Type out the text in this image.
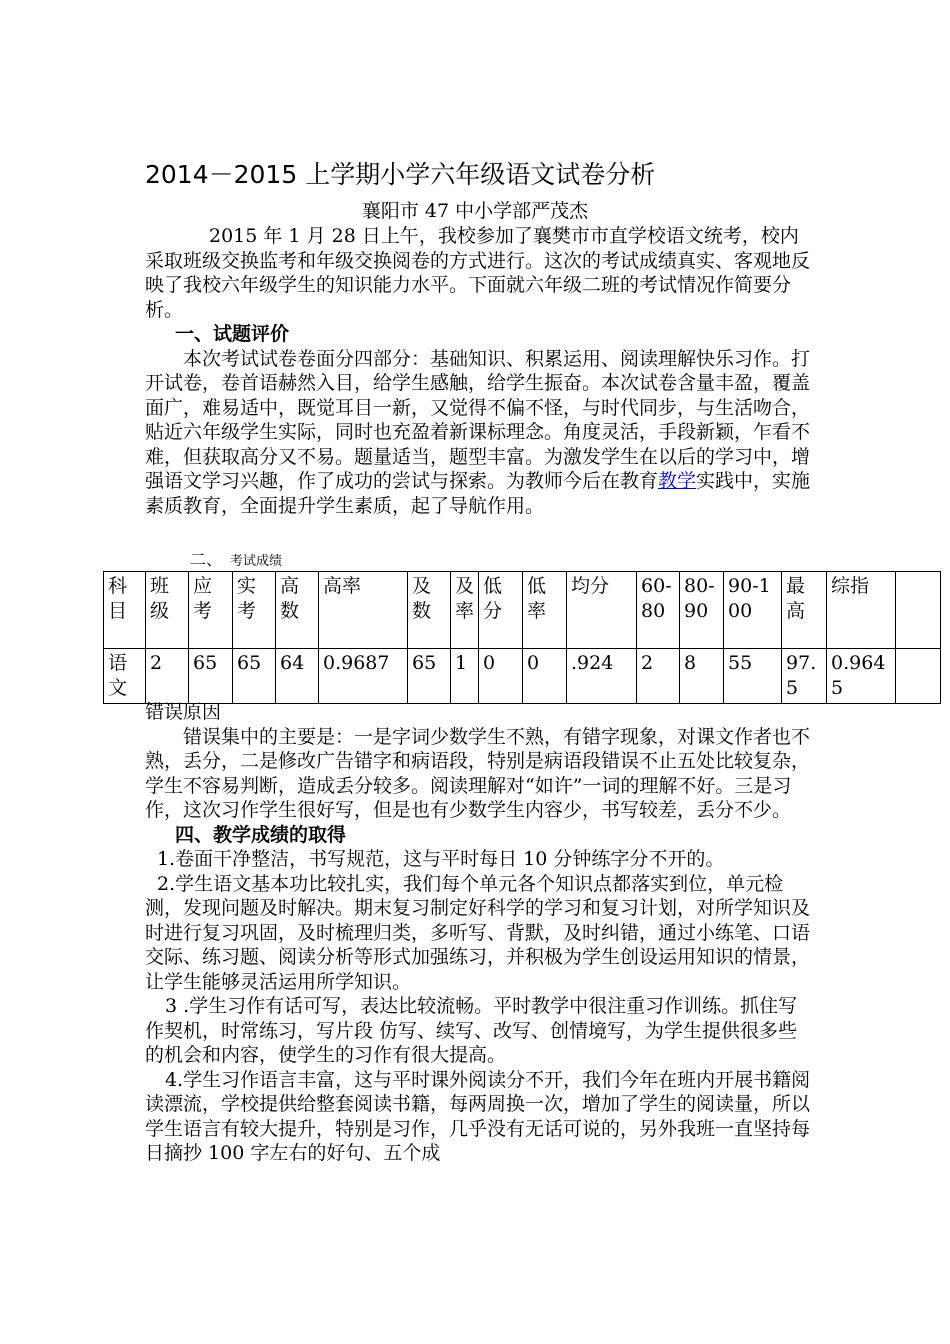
2014－2015 上学期小学六年级语文试卷分析
襄阳市 47 中小学部严茂杰

2015 年 1 月 28 日上午，我校参加了襄樊市市直学校语文统考，校内采取班级交换监考和年级交换阅卷的方式进行。这次的考试成绩真实、客观地反映了我校六年级学生的知识能力水平。下面就六年级二班的考试情况作简要分析。

一、试题评价

本次考试试卷卷面分四部分：基础知识、积累运用、阅读理解快乐习作。打开试卷，卷首语赫然入目，给学生感触，给学生振奋。本次试卷含量丰盈，覆盖面广，难易适中，既觉耳目一新，又觉得不偏不怪，与时代同步，与生活吻合，贴近六年级学生实际，同时也充盈着新课标理念。角度灵活，手段新颖，乍看不难，但获取高分又不易。题量适当，题型丰富。为激发学生在以后的学习中，增强语文学习兴趣，作了成功的尝试与探索。为教师今后在教育教学实践中，实施素质教育，全面提升学生素质，起了导航作用。

二、 考试成绩
科目	班级	应考	实考	高数	高率	及数	及率	低分	低率	均分	60-80	80-90	90-100	最高	综指	
语文	2	65	65	64	0.9687	65	1	0	0	.924	2	8	55	97.5	0.9645	

错误原因

错误集中的主要是：一是字词少数学生不熟，有错字现象，对课文作者也不熟，丢分，二是修改广告错字和病语段，特别是病语段错误不止五处比较复杂，学生不容易判断，造成丢分较多。阅读理解对“如许”一词的理解不好。三是习作，这次习作学生很好写，但是也有少数学生内容少，书写较差，丢分不少。

四、教学成绩的取得

1.卷面干净整洁，书写规范，这与平时每日 10 分钟练字分不开的。

2.学生语文基本功比较扎实，我们每个单元各个知识点都落实到位，单元检测，发现问题及时解决。期末复习制定好科学的学习和复习计划，对所学知识及时进行复习巩固，及时梳理归类，多听写、背默，及时纠错，通过小练笔、口语交际、练习题、阅读分析等形式加强练习，并积极为学生创设运用知识的情景，让学生能够灵活运用所学知识。

3 .学生习作有话可写，表达比较流畅。平时教学中很注重习作训练。抓住写作契机，时常练习，写片段 仿写、续写、改写、创情境写，为学生提供很多些的机会和内容，使学生的习作有很大提高。

4.学生习作语言丰富，这与平时课外阅读分不开，我们今年在班内开展书籍阅读漂流，学校提供给整套阅读书籍，每两周换一次，增加了学生的阅读量，所以学生语言有较大提升，特别是习作，几乎没有无话可说的，另外我班一直坚持每日摘抄 100 字左右的好句、五个成
